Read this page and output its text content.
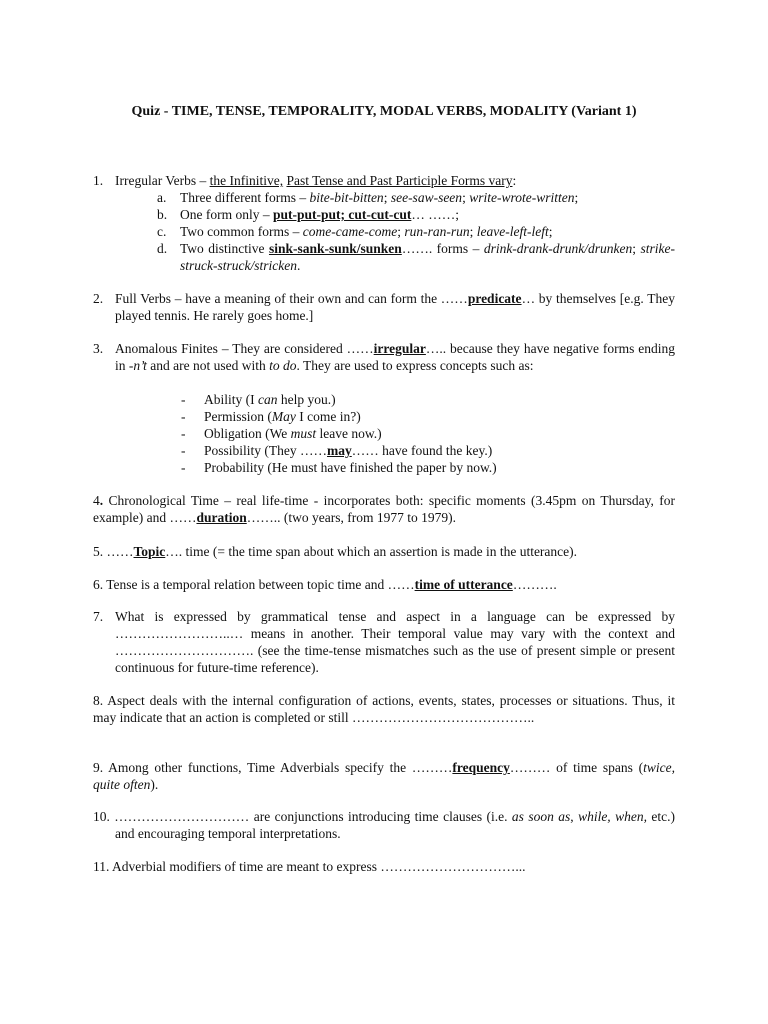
Quiz - TIME, TENSE, TEMPORALITY, MODAL VERBS, MODALITY (Variant 1)
1. Irregular Verbs – the Infinitive, Past Tense and Past Participle Forms vary:
a. Three different forms – bite-bit-bitten; see-saw-seen; write-wrote-written;
b. One form only – put-put-put; cut-cut-cut… ……;
c. Two common forms – come-came-come; run-ran-run; leave-left-left;
d. Two distinctive sink-sank-sunk/sunken……. forms – drink-drank-drunk/drunken; strike-struck-struck/stricken.
2. Full Verbs – have a meaning of their own and can form the ……predicate… by themselves [e.g. They played tennis. He rarely goes home.]
3. Anomalous Finites – They are considered ……irregular….. because they have negative forms ending in -n’t and are not used with to do. They are used to express concepts such as:
- Ability (I can help you.)
- Permission (May I come in?)
- Obligation (We must leave now.)
- Possibility (They ……may…… have found the key.)
- Probability (He must have finished the paper by now.)
4. Chronological Time – real life-time - incorporates both: specific moments (3.45pm on Thursday, for example) and ……duration…….. (two years, from 1977 to 1979).
5. ……Topic…. time (= the time span about which an assertion is made in the utterance).
6. Tense is a temporal relation between topic time and ……time of utterance……….
7. What is expressed by grammatical tense and aspect in a language can be expressed by ……………………..… means in another. Their temporal value may vary with the context and …………………………. (see the time-tense mismatches such as the use of present simple or present continuous for future-time reference).
8. Aspect deals with the internal configuration of actions, events, states, processes or situations. Thus, it may indicate that an action is completed or still …………………………………..
9. Among other functions, Time Adverbials specify the ………frequency……… of time spans (twice, quite often).
10. ………………………… are conjunctions introducing time clauses (i.e. as soon as, while, when, etc.) and encouraging temporal interpretations.
11. Adverbial modifiers of time are meant to express …………………………...
